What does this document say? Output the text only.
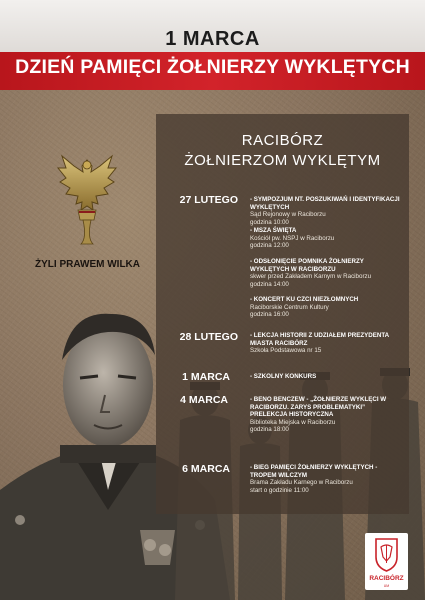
1 MARCA
DZIEŃ PAMIĘCI ŻOŁNIERZY WYKLĘTYCH
ŻYLI PRAWEM WILKA
RACIBÓRZ
ŻOŁNIERZOM WYKLĘTYM
27 LUTEGO - SYMPOZJUM NT. POSZUKIWAŃ I IDENTYFIKACJI WYKLĘTYCH
Sąd Rejonowy w Raciborzu
godzina 10:00
- MSZA ŚWIĘTA
Kościół pw. NSPJ w Raciborzu
godzina 12:00
- ODSŁONIĘCIE POMNIKA ŻOŁNIERZY WYKLĘTYCH W RACIBORZU
skwer przed Zakładem Karnym w Raciborzu
godzina 14:00
- KONCERT KU CZCI NIEZŁOMNYCH
Raciborskie Centrum Kultury
godzina 16:00
28 LUTEGO - LEKCJA HISTORII Z UDZIAŁEM PREZYDENTA MIASTA RACIBÓRZ
Szkoła Podstawowa nr 15
1 MARCA	- SZKOLNY KONKURS
4 MARCA	- BENO BENCZEW - „ŻOŁNIERZE WYKLĘCI W RACIBORZU. ZARYS PROBLEMATYKI” PRELEKCJA HISTORYCZNA
Biblioteka Miejska w Raciborzu
godzina 18:00
6 MARCA	- BIEG PAMIĘCI ŻOŁNIERZY WYKLĘTYCH - TROPEM WILCZYM
Brama Zakładu Karnego w Raciborzu
start o godzinie 11:00
RACIBÓRZ
UM
